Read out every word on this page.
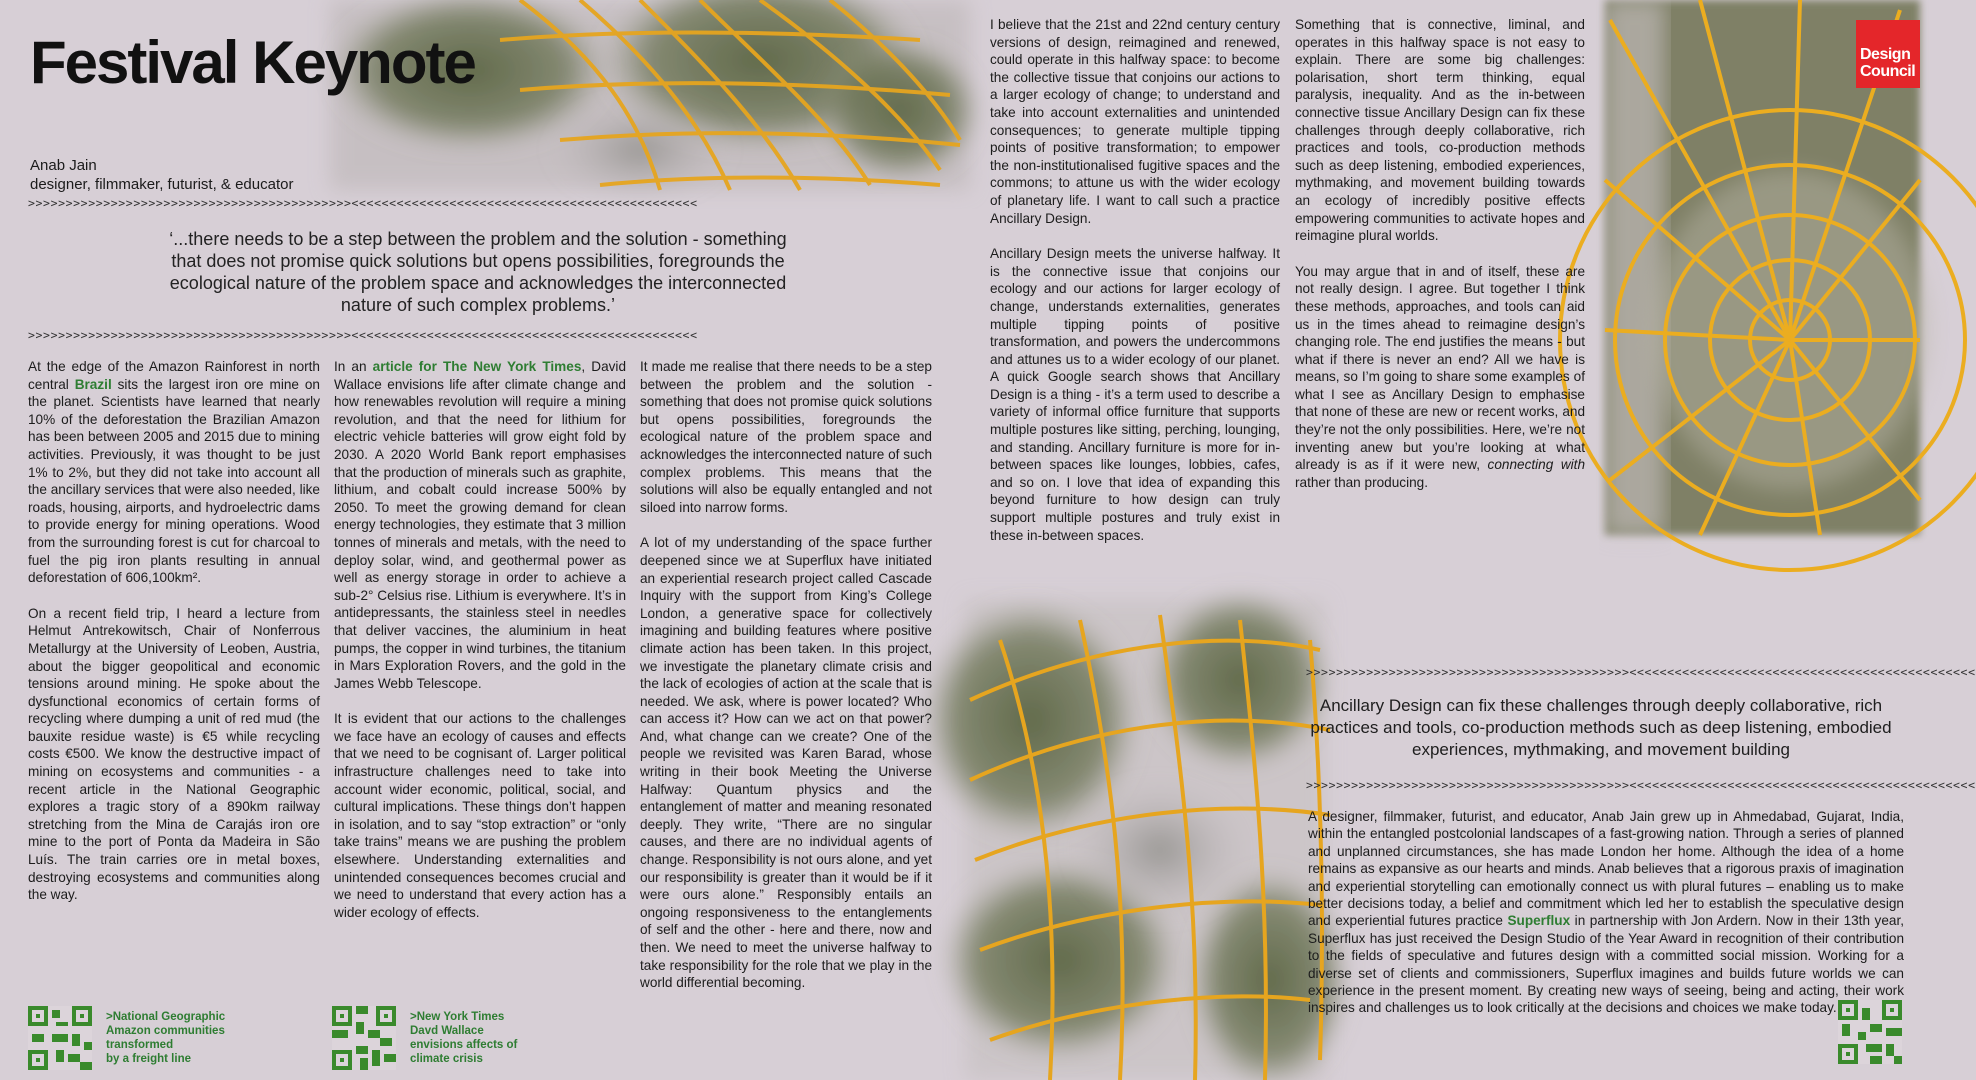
Festival Keynote
Anab Jain
designer, filmmaker, futurist, & educator
Design
Council
>>>>>>>>>>>>>>>>>>>>>>>>>>>>>>>>>>>>>>>>>>><<<<<<<<<<<<<<<<<<<<<<<<<<<<<<<<<<<<<<<<<<<<<<
‘...there needs to be a step between the problem and the solution - something that does not promise quick solutions but opens possibilities, foregrounds the ecological nature of the problem space and acknowledges the interconnected nature of such complex problems.’
>>>>>>>>>>>>>>>>>>>>>>>>>>>>>>>>>>>>>>>>>>><<<<<<<<<<<<<<<<<<<<<<<<<<<<<<<<<<<<<<<<<<<<<<

At the edge of the Amazon Rainforest in north central Brazil sits the largest iron ore mine on the planet. Scientists have learned that nearly 10% of the deforestation the Brazilian Amazon has been between 2005 and 2015 due to mining activities. Previously, it was thought to be just 1% to 2%, but they did not take into account all the ancillary services that were also needed, like roads, housing, airports, and hydroelectric dams to provide energy for mining operations. Wood from the surrounding forest is cut for charcoal to fuel the pig iron plants resulting in annual deforestation of 606,100km².

On a recent field trip, I heard a lecture from Helmut Antrekowitsch, Chair of Nonferrous Metallurgy at the University of Leoben, Austria, about the bigger geopolitical and economic tensions around mining. He spoke about the dysfunctional economics of certain forms of recycling where dumping a unit of red mud (the bauxite residue waste) is €5 while recycling costs €500. We know the destructive impact of mining on ecosystems and communities - a recent article in the National Geographic explores a tragic story of a 890km railway stretching from the Mina de Carajás iron ore mine to the port of Ponta da Madeira in São Luís. The train carries ore in metal boxes, destroying ecosystems and communities along the way.

In an article for The New York Times, David Wallace envisions life after climate change and how renewables revolution will require a mining revolution, and that the need for lithium for electric vehicle batteries will grow eight fold by 2030. A 2020 World Bank report emphasises that the production of minerals such as graphite, lithium, and cobalt could increase 500% by 2050. To meet the growing demand for clean energy technologies, they estimate that 3 million tonnes of minerals and metals, with the need to deploy solar, wind, and geothermal power as well as energy storage in order to achieve a sub-2° Celsius rise. Lithium is everywhere. It’s in antidepressants, the stainless steel in needles that deliver vaccines, the aluminium in heat pumps, the copper in wind turbines, the titanium in Mars Exploration Rovers, and the gold in the James Webb Telescope.

It is evident that our actions to the challenges we face have an ecology of causes and effects that we need to be cognisant of. Larger political infrastructure challenges need to take into account wider economic, political, social, and cultural implications. These things don’t happen in isolation, and to say “stop extraction” or “only take trains” means we are pushing the problem elsewhere. Understanding externalities and unintended consequences becomes crucial and we need to understand that every action has a wider ecology of effects.

It made me realise that there needs to be a step between the problem and the solution - something that does not promise quick solutions but opens possibilities, foregrounds the ecological nature of the problem space and acknowledges the interconnected nature of such complex problems. This means that the solutions will also be equally entangled and not siloed into narrow forms.

A lot of my understanding of the space further deepened since we at Superflux have initiated an experiential research project called Cascade Inquiry with the support from King’s College London, a generative space for collectively imagining and building features where positive climate action has been taken. In this project, we investigate the planetary climate crisis and the lack of ecologies of action at the scale that is needed. We ask, where is power located? Who can access it? How can we act on that power? And, what change can we create? One of the people we revisited was Karen Barad, whose writing in their book Meeting the Universe Halfway: Quantum physics and the entanglement of matter and meaning resonated deeply. They write, “There are no singular causes, and there are no individual agents of change. Responsibility is not ours alone, and yet our responsibility is greater than it would be if it were ours alone.” Responsibly entails an ongoing responsiveness to the entanglements of self and the other - here and there, now and then. We need to meet the universe halfway to take responsibility for the role that we play in the world differential becoming.

I believe that the 21st and 22nd century century versions of design, reimagined and renewed, could operate in this halfway space: to become the collective tissue that conjoins our actions to a larger ecology of change; to understand and take into account externalities and unintended consequences; to generate multiple tipping points of positive transformation; to empower the non-institutionalised fugitive spaces and the commons; to attune us with the wider ecology of planetary life. I want to call such a practice Ancillary Design.

Ancillary Design meets the universe halfway. It is the connective issue that conjoins our ecology and our actions for larger ecology of change, understands externalities, generates multiple tipping points of positive transformation, and powers the undercommons and attunes us to a wider ecology of our planet. A quick Google search shows that Ancillary Design is a thing - it’s a term used to describe a variety of informal office furniture that supports multiple postures like sitting, perching, lounging, and standing. Ancillary furniture is more for in-between spaces like lounges, lobbies, cafes, and so on. I love that idea of expanding this beyond furniture to how design can truly support multiple postures and truly exist in these in-between spaces.

Something that is connective, liminal, and operates in this halfway space is not easy to explain. There are some big challenges: polarisation, short term thinking, equal paralysis, inequality. And as the in-between connective tissue Ancillary Design can fix these challenges through deeply collaborative, rich practices and tools, co-production methods such as deep listening, embodied experiences, mythmaking, and movement building towards an ecology of incredibly positive effects empowering communities to activate hopes and reimagine plural worlds.

You may argue that in and of itself, these are not really design. I agree. But together I think these methods, approaches, and tools can aid us in the times ahead to reimagine design’s changing role. The end justifies the means - but what if there is never an end? All we have is means, so I’m going to share some examples of what I see as Ancillary Design to emphasise that none of these are new or recent works, and they’re not the only possibilities. Here, we’re not inventing anew but you’re looking at what already is as if it were new, connecting with rather than producing.

>>>>>>>>>>>>>>>>>>>>>>>>>>>>>>>>>>>>>>>>>>><<<<<<<<<<<<<<<<<<<<<<<<<<<<<<<<<<<<<<<<<<<<<<
Ancillary Design can fix these challenges through deeply collaborative, rich practices and tools, co-production methods such as deep listening, embodied experiences, mythmaking, and movement building
>>>>>>>>>>>>>>>>>>>>>>>>>>>>>>>>>>>>>>>>>>><<<<<<<<<<<<<<<<<<<<<<<<<<<<<<<<<<<<<<<<<<<<<<
A designer, filmmaker, futurist, and educator, Anab Jain grew up in Ahmedabad, Gujarat, India, within the entangled postcolonial landscapes of a fast-growing nation. Through a series of planned and unplanned circumstances, she has made London her home. Although the idea of a home remains as expansive as our hearts and minds. Anab believes that a rigorous praxis of imagination and experiential storytelling can emotionally connect us with plural futures – enabling us to make better decisions today, a belief and commitment which led her to establish the speculative design and experiential futures practice Superflux in partnership with Jon Ardern. Now in their 13th year, Superflux has just received the Design Studio of the Year Award in recognition of their contribution to the fields of speculative and futures design with a committed social mission. Working for a diverse set of clients and commissioners, Superflux imagines and builds future worlds we can experience in the present moment. By creating new ways of seeing, being and acting, their work inspires and challenges us to look critically at the decisions and choices we make today.
>National Geographic
Amazon communities
transformed
by a freight line
>New York Times
Davd Wallace
envisions affects of
climate crisis
